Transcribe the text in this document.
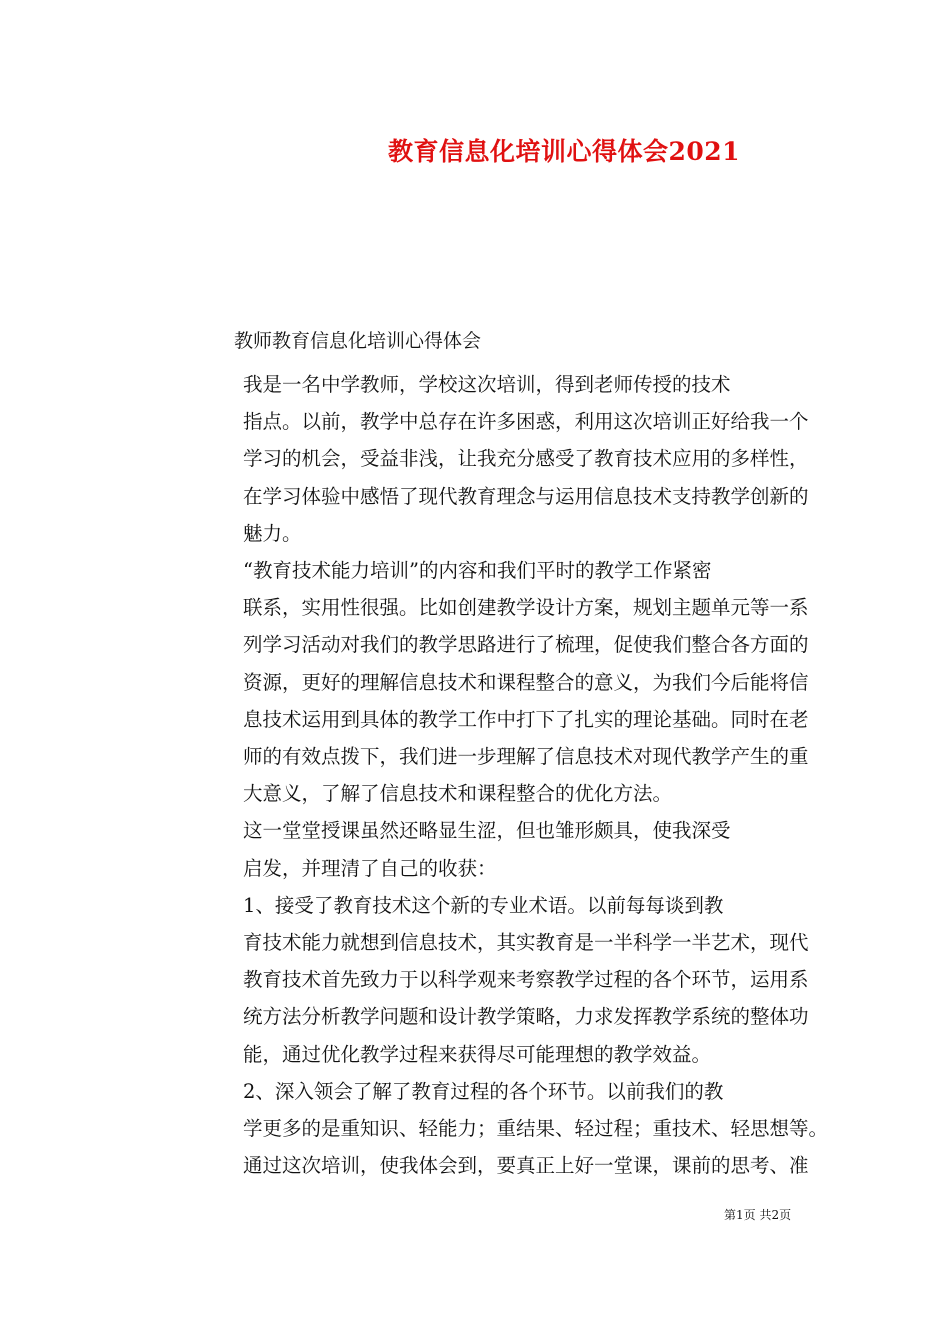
教育信息化培训心得体会2021

教师教育信息化培训心得体会

我是一名中学教师，学校这次培训，得到老师传授的技术
指点。以前，教学中总存在许多困惑，利用这次培训正好给我一个
学习的机会，受益非浅，让我充分感受了教育技术应用的多样性，
在学习体验中感悟了现代教育理念与运用信息技术支持教学创新的
魅力。

“教育技术能力培训”的内容和我们平时的教学工作紧密
联系，实用性很强。比如创建教学设计方案，规划主题单元等一系
列学习活动对我们的教学思路进行了梳理，促使我们整合各方面的
资源，更好的理解信息技术和课程整合的意义，为我们今后能将信
息技术运用到具体的教学工作中打下了扎实的理论基础。同时在老
师的有效点拨下，我们进一步理解了信息技术对现代教学产生的重
大意义，了解了信息技术和课程整合的优化方法。

这一堂堂授课虽然还略显生涩，但也雏形颇具，使我深受
启发，并理清了自己的收获：

1、接受了教育技术这个新的专业术语。以前每每谈到教
育技术能力就想到信息技术，其实教育是一半科学一半艺术，现代
教育技术首先致力于以科学观来考察教学过程的各个环节，运用系
统方法分析教学问题和设计教学策略，力求发挥教学系统的整体功
能，通过优化教学过程来获得尽可能理想的教学效益。

2、深入领会了解了教育过程的各个环节。以前我们的教
学更多的是重知识、轻能力；重结果、轻过程；重技术、轻思想等。
通过这次培训，使我体会到，要真正上好一堂课，课前的思考、准

第1页 共2页
